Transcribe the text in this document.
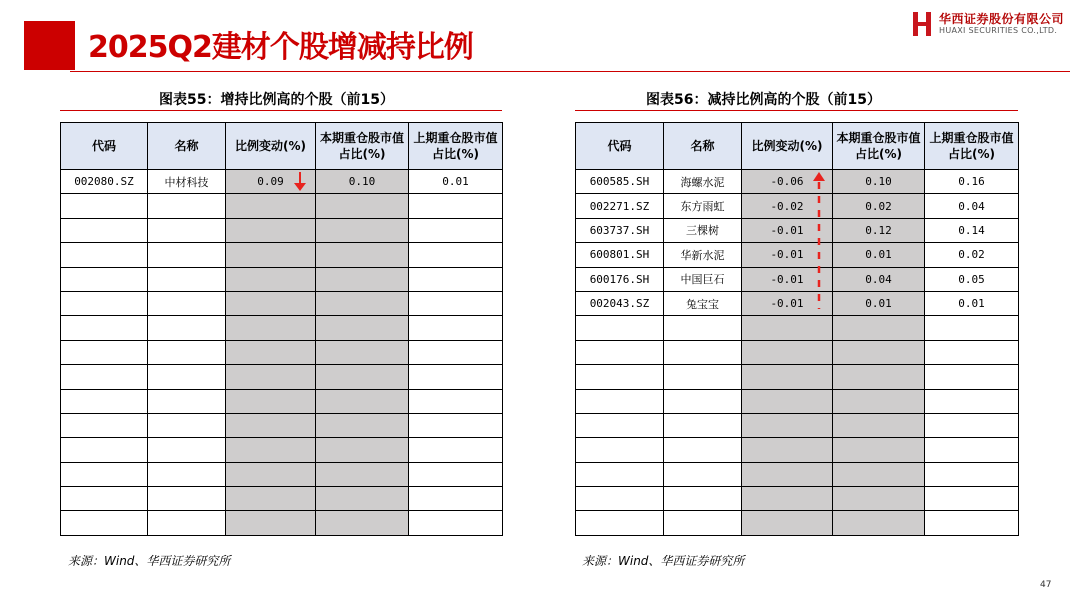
2025Q2建材个股增减持比例
华西证券股份有限公司
HUAXI SECURITIES CO.,LTD.
图表55：增持比例高的个股（前15）	图表56：减持比例高的个股（前15）
代码	名称	比例变动(%)	本期重仓股市值占比(%)	上期重仓股市值占比(%)
002080.SZ	中材科技	0.09	0.10	0.01

代码	名称	比例变动(%)	本期重仓股市值占比(%)	上期重仓股市值占比(%)
600585.SH	海螺水泥	-0.06	0.10	0.16
002271.SZ	东方雨虹	-0.02	0.02	0.04
603737.SH	三棵树	-0.01	0.12	0.14
600801.SH	华新水泥	-0.01	0.01	0.02
600176.SH	中国巨石	-0.01	0.04	0.05
002043.SZ	兔宝宝	-0.01	0.01	0.01

来源：Wind、华西证券研究所	来源：Wind、华西证券研究所
47
